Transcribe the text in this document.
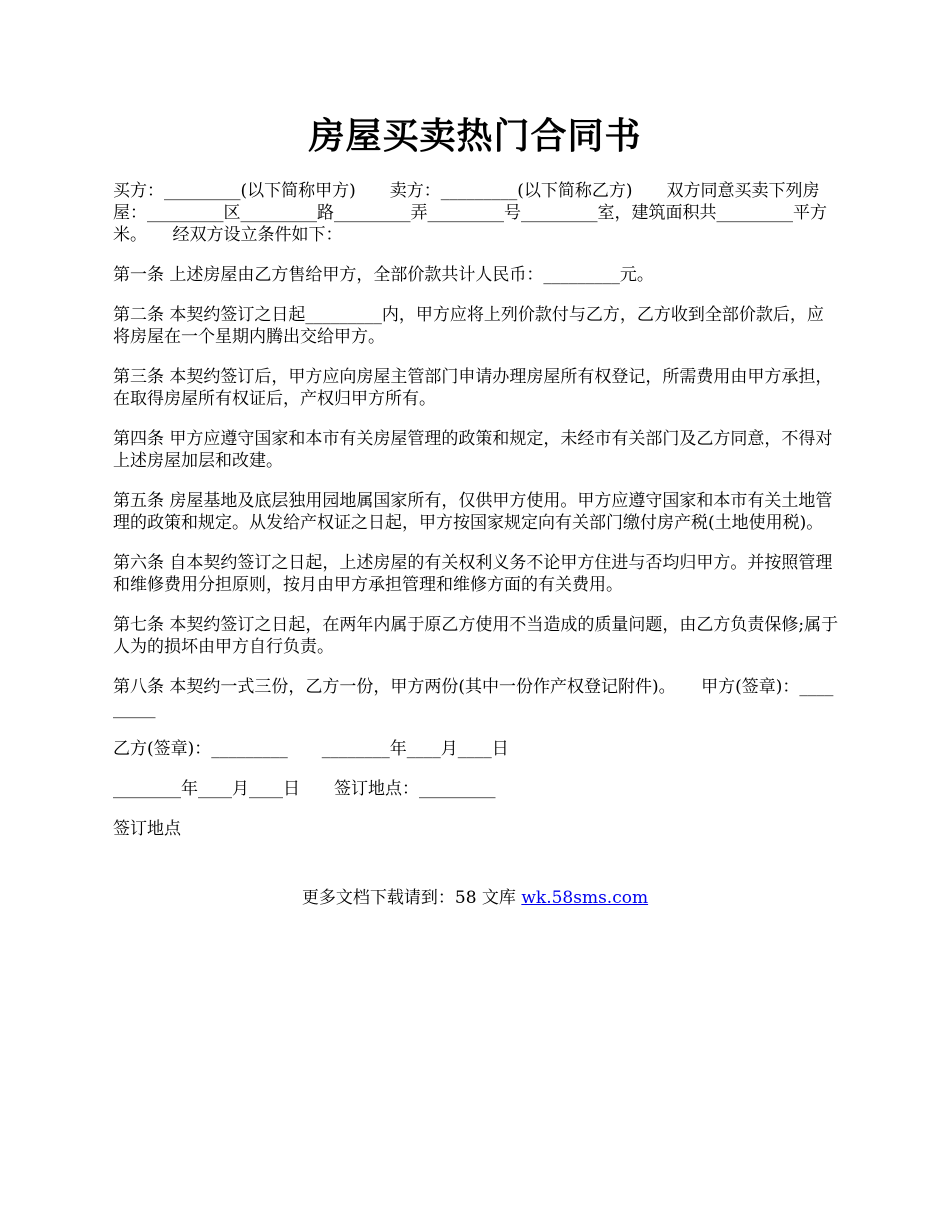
房屋买卖热门合同书

买方：_________(以下简称甲方)　　卖方：_________(以下简称乙方)　　双方同意买卖下列房屋：_________区_________路_________弄_________号_________室，建筑面积共_________平方米。　　经双方设立条件如下：

第一条 上述房屋由乙方售给甲方，全部价款共计人民币：_________元。

第二条 本契约签订之日起_________内，甲方应将上列价款付与乙方，乙方收到全部价款后，应将房屋在一个星期内腾出交给甲方。

第三条 本契约签订后，甲方应向房屋主管部门申请办理房屋所有权登记，所需费用由甲方承担，在取得房屋所有权证后，产权归甲方所有。

第四条 甲方应遵守国家和本市有关房屋管理的政策和规定，未经市有关部门及乙方同意，不得对上述房屋加层和改建。

第五条 房屋基地及底层独用园地属国家所有，仅供甲方使用。甲方应遵守国家和本市有关土地管理的政策和规定。从发给产权证之日起，甲方按国家规定向有关部门缴付房产税(土地使用税)。

第六条 自本契约签订之日起，上述房屋的有关权利义务不论甲方住进与否均归甲方。并按照管理和维修费用分担原则，按月由甲方承担管理和维修方面的有关费用。

第七条 本契约签订之日起，在两年内属于原乙方使用不当造成的质量问题，由乙方负责保修;属于人为的损坏由甲方自行负责。

第八条 本契约一式三份，乙方一份，甲方两份(其中一份作产权登记附件)。　　甲方(签章)：_________

乙方(签章)：_________　　________年____月____日

________年____月____日　　签订地点：_________

签订地点

更多文档下载请到：58 文库 wk.58sms.com
